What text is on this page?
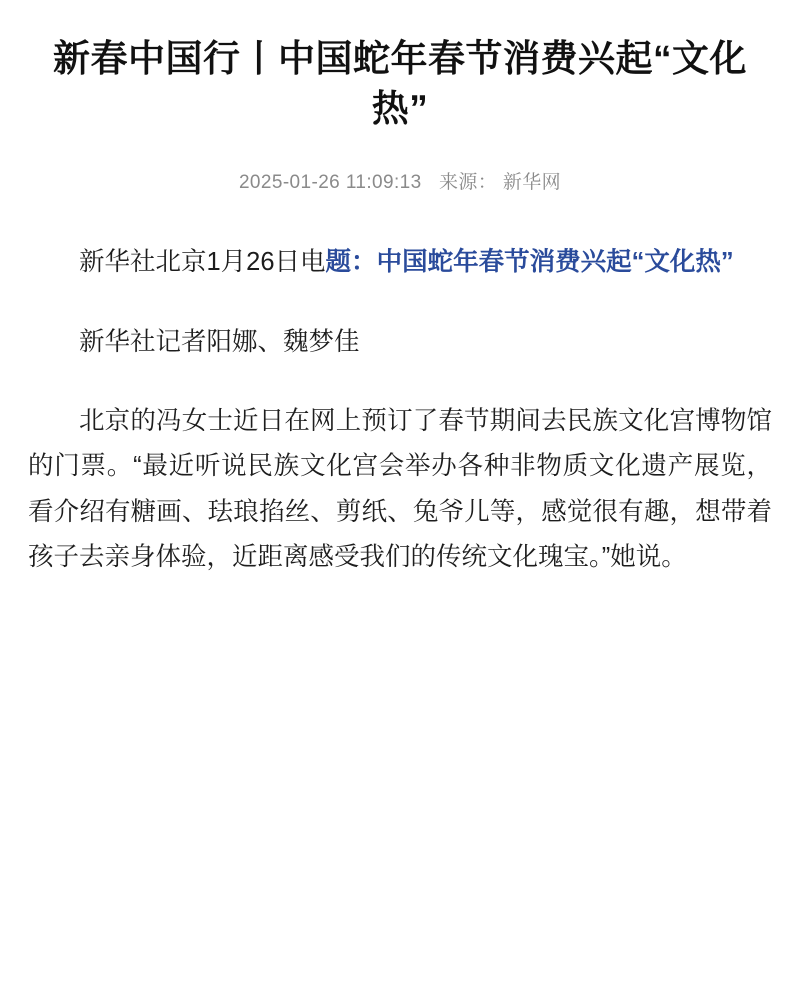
新春中国行丨中国蛇年春节消费兴起“文化热”
2025-01-26 11:09:13 来源： 新华网

新华社北京1月26日电题：中国蛇年春节消费兴起“文化热”

新华社记者阳娜、魏梦佳

北京的冯女士近日在网上预订了春节期间去民族文化宫博物馆的门票。“最近听说民族文化宫会举办各种非物质文化遗产展览，看介绍有糖画、珐琅掐丝、剪纸、兔爷儿等，感觉很有趣，想带着孩子去亲身体验，近距离感受我们的传统文化瑰宝。”她说。
